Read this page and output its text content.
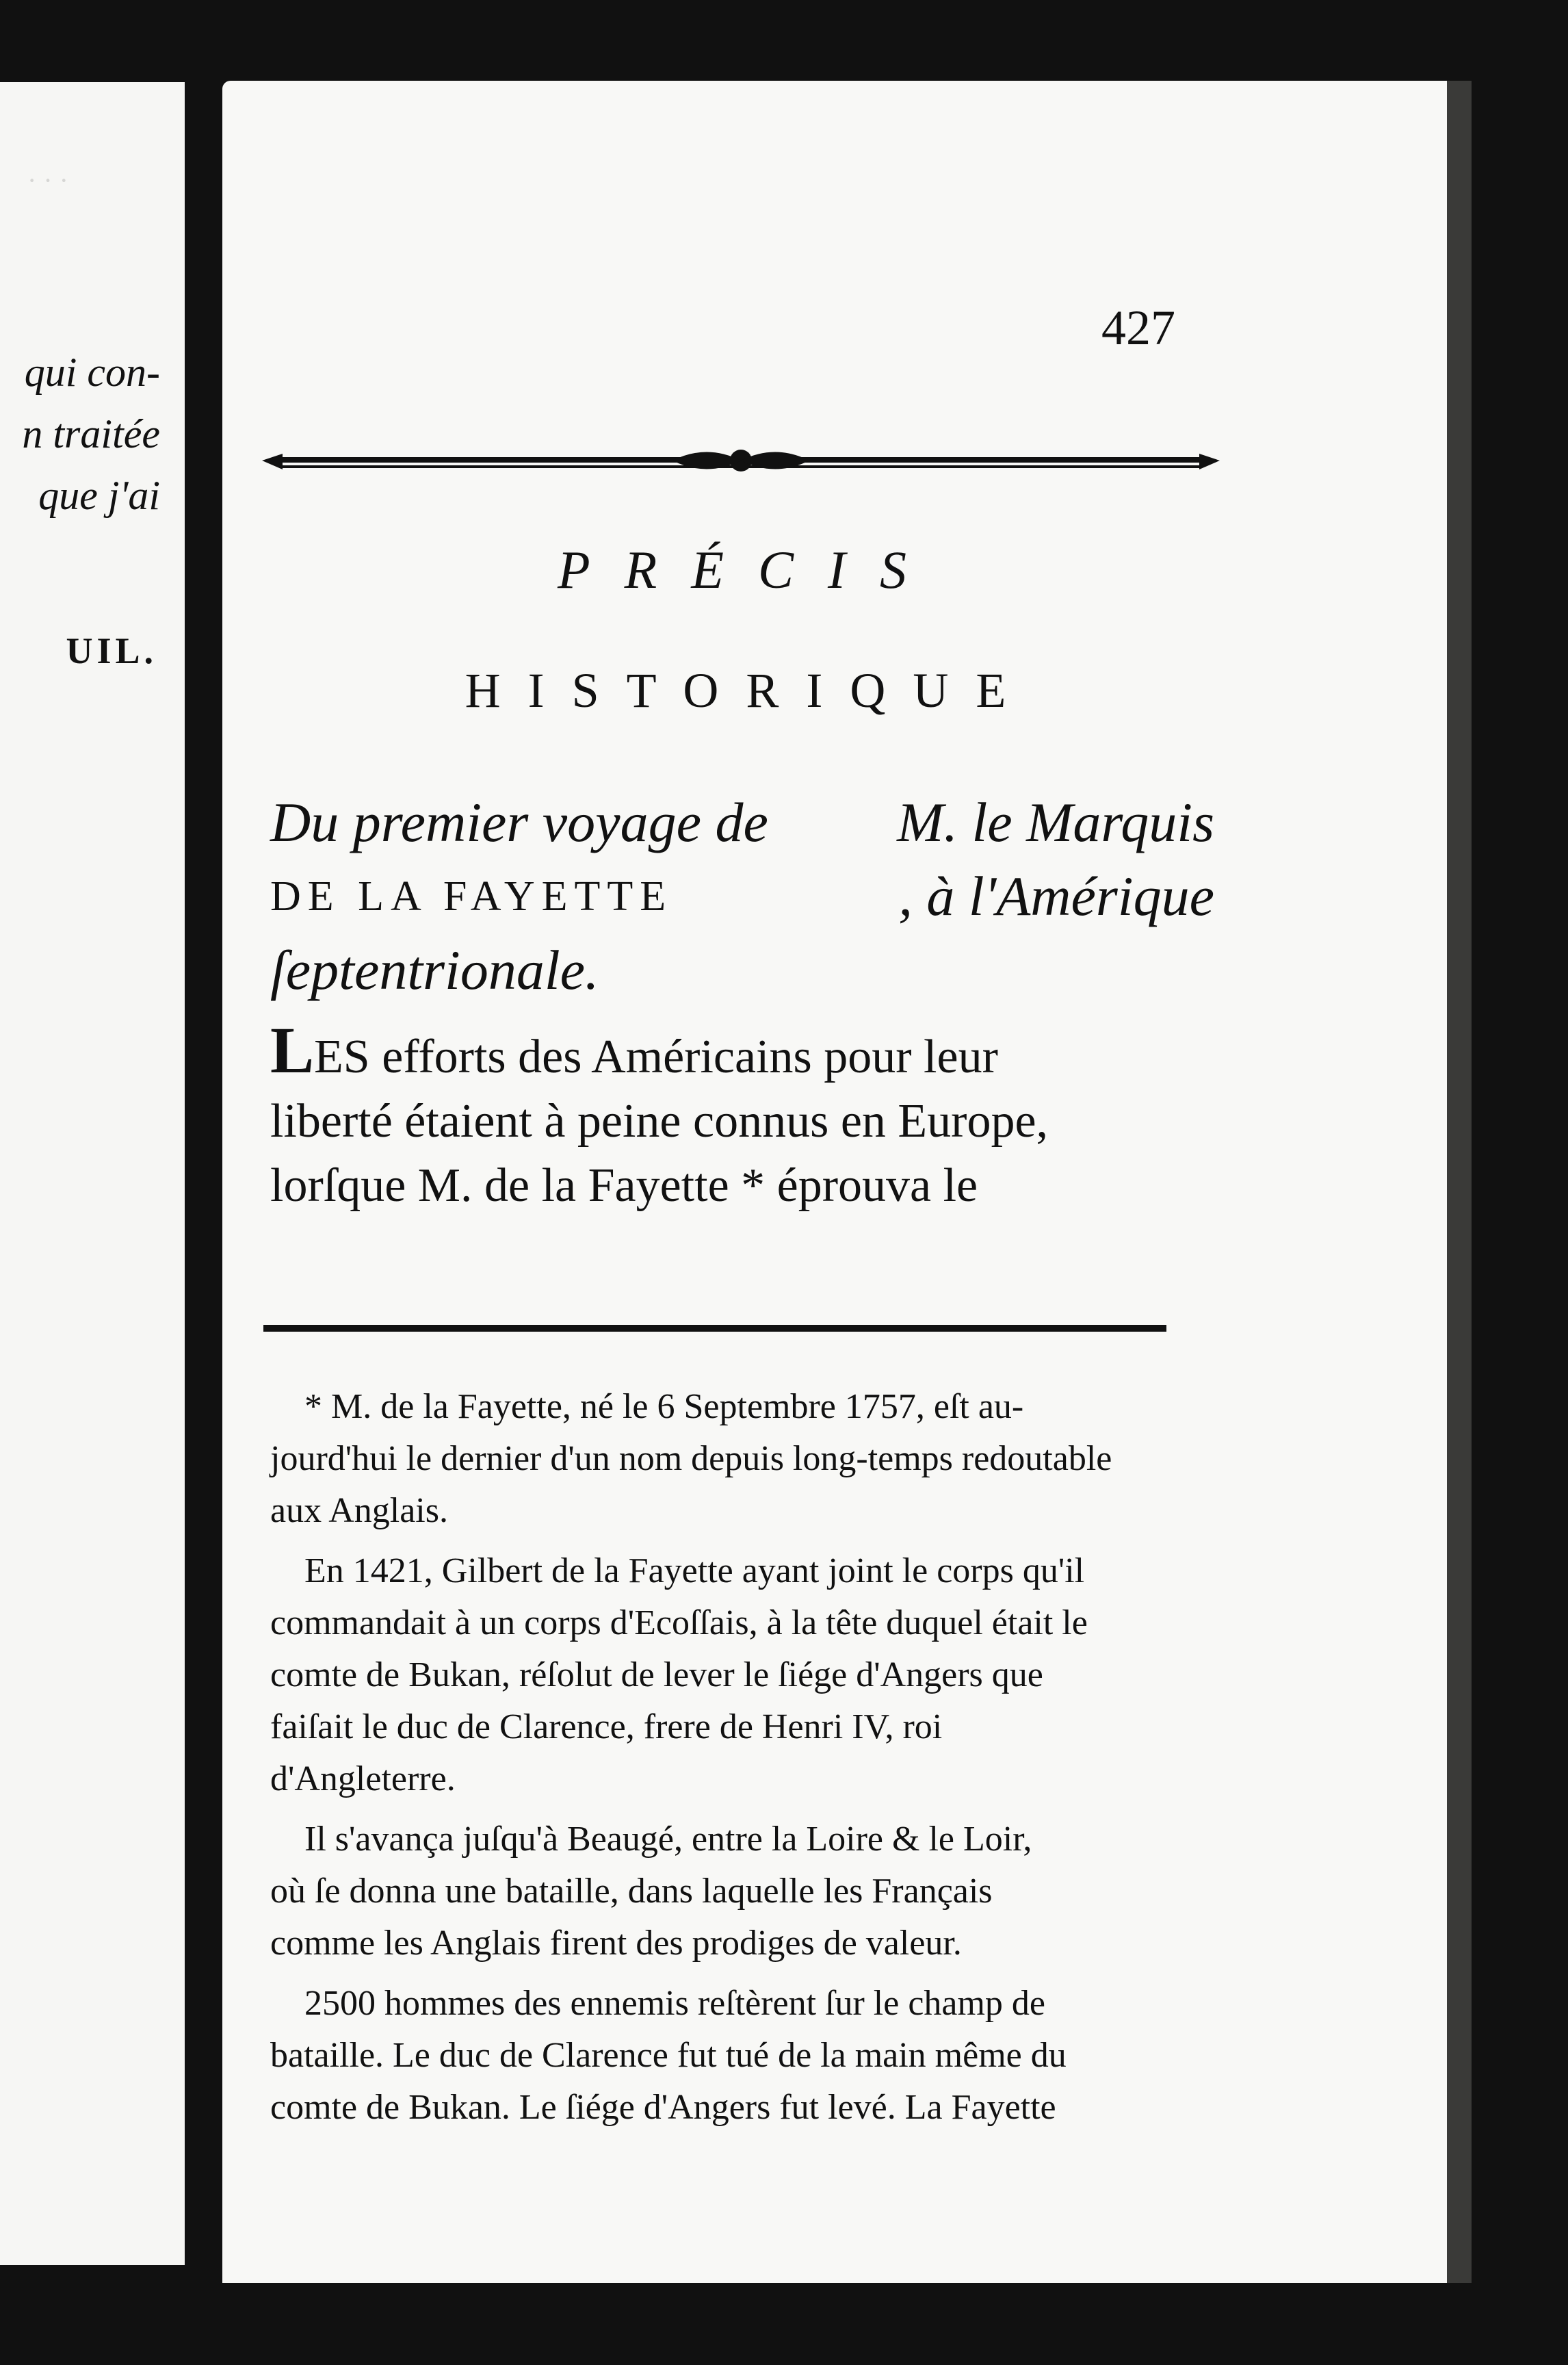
· · ·
qui con-
n traitée
que j'ai
UIL.
427
PRÉCIS
HISTORIQUE
Du premier voyage de M. le Marquis
DE LA FAYETTE	, à l'Amérique
ſeptentrionale.
LES efforts des Américains pour leur
liberté étaient à peine connus en Europe,
lorſque M. de la Fayette * éprouva le
* M. de la Fayette, né le 6 Septembre 1757, eſt au-
jourd'hui le dernier d'un nom depuis long-temps redoutable
aux Anglais.
En 1421, Gilbert de la Fayette ayant joint le corps qu'il
commandait à un corps d'Ecoſſais, à la tête duquel était le
comte de Bukan, réſolut de lever le ſiége d'Angers que
faiſait le duc de Clarence, frere de Henri IV, roi
d'Angleterre.
Il s'avança juſqu'à Beaugé, entre la Loire & le Loir,
où ſe donna une bataille, dans laquelle les Français
comme les Anglais firent des prodiges de valeur.
2500 hommes des ennemis reſtèrent ſur le champ de
bataille. Le duc de Clarence fut tué de la main même du
comte de Bukan. Le ſiége d'Angers fut levé. La Fayette
